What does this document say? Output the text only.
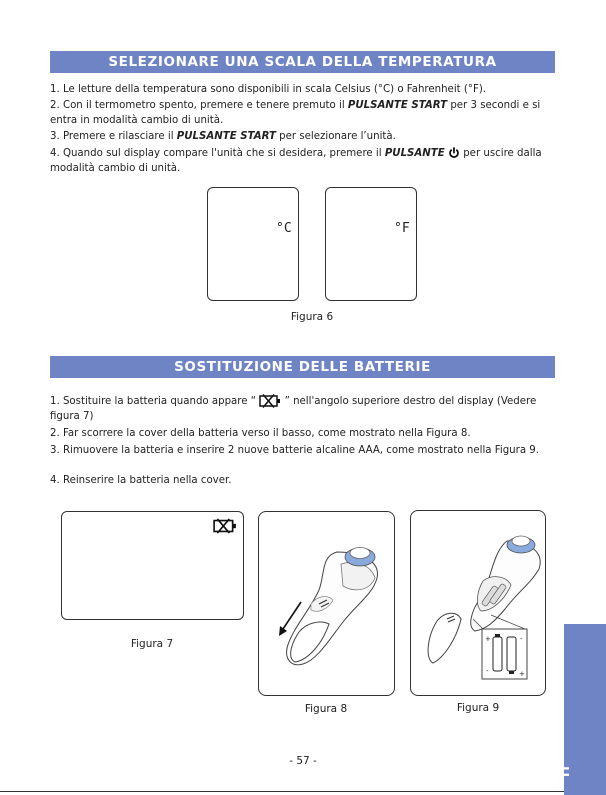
SELEZIONARE UNA SCALA DELLA TEMPERATURA
1. Le letture della temperatura sono disponibili in scala Celsius (°C) o Fahrenheit (°F).
2. Con il termometro spento, premere e tenere premuto il PULSANTE START per 3 secondi e si entra in modalità cambio di unità.
3. Premere e rilasciare il PULSANTE START per selezionare l’unità.
4. Quando sul display compare l'unità che si desidera, premere il PULSANTE  per uscire dalla modalità cambio di unità.
°C	°F
Figura 6
SOSTITUZIONE DELLE BATTERIE
1. Sostituire la batteria quando appare “	” nell'angolo superiore destro del display (Vedere figura 7)
2. Far scorrere la cover della batteria verso il basso, come mostrato nella Figura 8.
3. Rimuovere la batteria e inserire 2 nuove batterie alcaline AAA, come mostrato nella Figura 9.
4. Reinserire la batteria nella cover.
Figura 7
Figura 8
+	-
-	+
Figura 9
- 57 -
IT
